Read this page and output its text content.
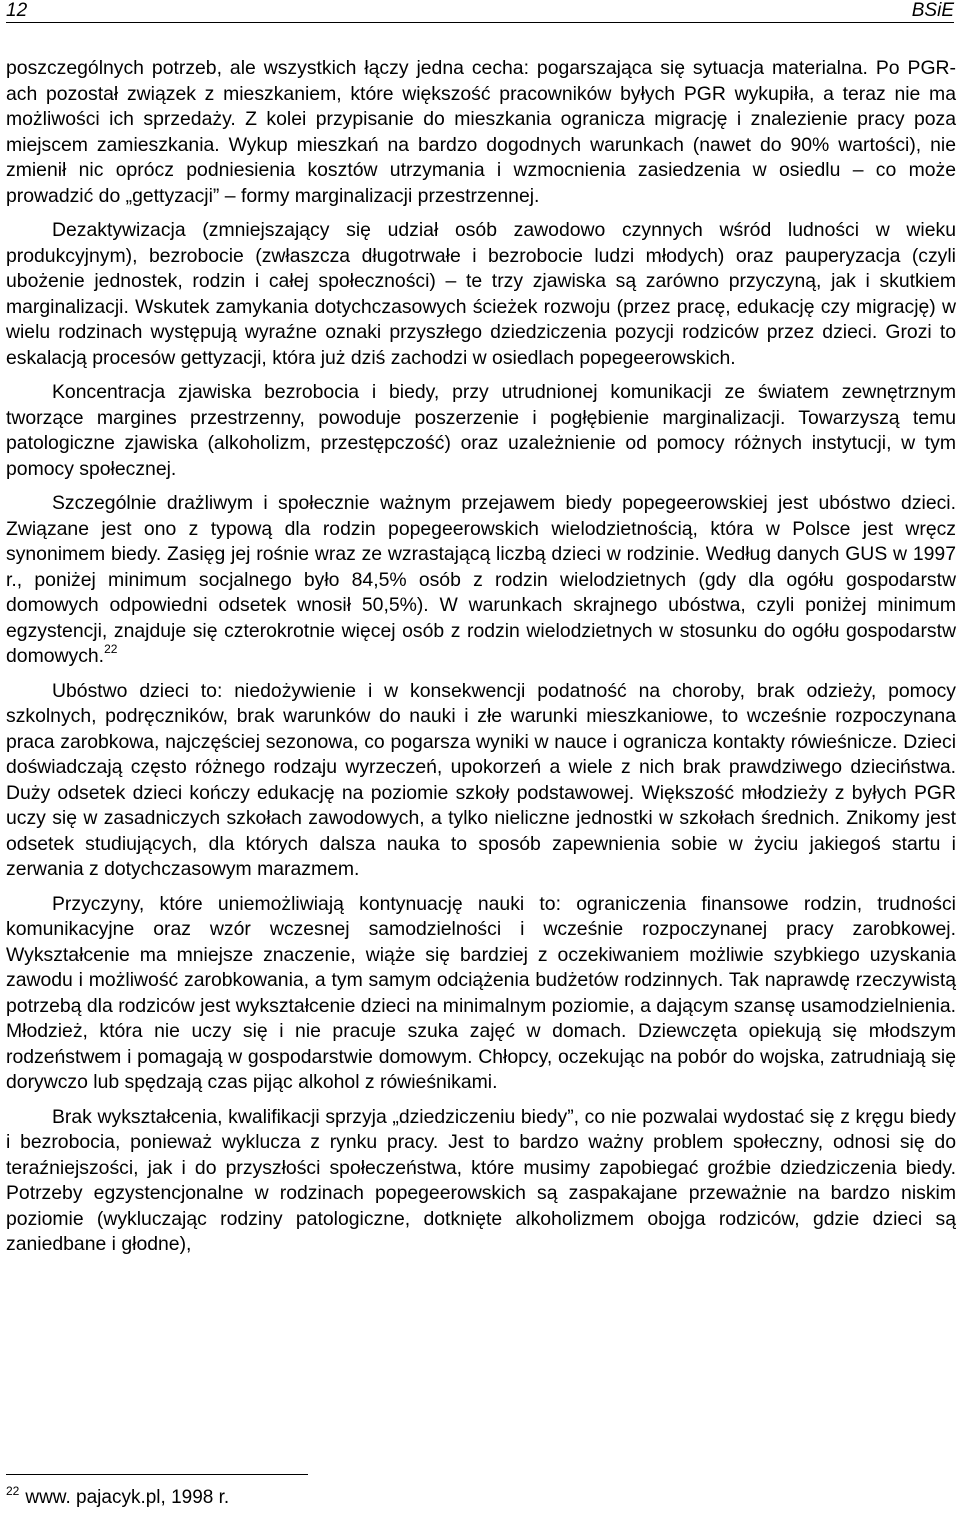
12	BSiE

poszczególnych potrzeb, ale wszystkich łączy jedna cecha: pogarszająca się sytuacja materialna. Po PGR-ach pozostał związek z mieszkaniem, które większość pracowników byłych PGR wykupiła, a teraz nie ma możliwości ich sprzedaży. Z kolei przypisanie do mieszkania ogranicza migrację i znalezienie pracy poza miejscem zamieszkania. Wykup mieszkań na bardzo dogodnych warunkach (nawet do 90% wartości), nie zmienił nic oprócz podniesienia kosztów utrzymania i wzmocnienia zasiedzenia w osiedlu – co może prowadzić do „gettyzacji” – formy marginalizacji przestrzennej.

Dezaktywizacja (zmniejszający się udział osób zawodowo czynnych wśród ludności w wieku produkcyjnym), bezrobocie (zwłaszcza długotrwałe i bezrobocie ludzi młodych) oraz pauperyzacja (czyli ubożenie jednostek, rodzin i całej społeczności) – te trzy zjawiska są zarówno przyczyną, jak i skutkiem marginalizacji. Wskutek zamykania dotychczasowych ścieżek rozwoju (przez pracę, edukację czy migrację) w wielu rodzinach występują wyraźne oznaki przyszłego dziedziczenia pozycji rodziców przez dzieci. Grozi to eskalacją procesów gettyzacji, która już dziś zachodzi w osiedlach popegeerowskich.

Koncentracja zjawiska bezrobocia i biedy, przy utrudnionej komunikacji ze światem zewnętrznym tworzące margines przestrzenny, powoduje poszerzenie i pogłębienie marginalizacji. Towarzyszą temu patologiczne zjawiska (alkoholizm, przestępczość) oraz uzależnienie od pomocy różnych instytucji, w tym pomocy społecznej.

Szczególnie drażliwym i społecznie ważnym przejawem biedy popegeerowskiej jest ubóstwo dzieci. Związane jest ono z typową dla rodzin popegeerowskich wielodzietnością, która w Polsce jest wręcz synonimem biedy. Zasięg jej rośnie wraz ze wzrastającą liczbą dzieci w rodzinie. Według danych GUS w 1997 r., poniżej minimum socjalnego było 84,5% osób z rodzin wielodzietnych (gdy dla ogółu gospodarstw domowych odpowiedni odsetek wnosił 50,5%). W warunkach skrajnego ubóstwa, czyli poniżej minimum egzystencji, znajduje się czterokrotnie więcej osób z rodzin wielodzietnych w stosunku do ogółu gospodarstw domowych.$^{22}$

Ubóstwo dzieci to: niedożywienie i w konsekwencji podatność na choroby, brak odzieży, pomocy szkolnych, podręczników, brak warunków do nauki i złe warunki mieszkaniowe, to wcześnie rozpoczynana praca zarobkowa, najczęściej sezonowa, co pogarsza wyniki w nauce i ogranicza kontakty rówieśnicze. Dzieci doświadczają często różnego rodzaju wyrzeczeń, upokorzeń a wiele z nich brak prawdziwego dzieciństwa. Duży odsetek dzieci kończy edukację na poziomie szkoły podstawowej. Większość młodzieży z byłych PGR uczy się w zasadniczych szkołach zawodowych, a tylko nieliczne jednostki w szkołach średnich. Znikomy jest odsetek studiujących, dla których dalsza nauka to sposób zapewnienia sobie w życiu jakiegoś startu i zerwania z dotychczasowym marazmem.

Przyczyny, które uniemożliwiają kontynuację nauki to: ograniczenia finansowe rodzin, trudności komunikacyjne oraz wzór wczesnej samodzielności i wcześnie rozpoczynanej pracy zarobkowej. Wykształcenie ma mniejsze znaczenie, wiąże się bardziej z oczekiwaniem możliwie szybkiego uzyskania zawodu i możliwość zarobkowania, a tym samym odciążenia budżetów rodzinnych. Tak naprawdę rzeczywistą potrzebą dla rodziców jest wykształcenie dzieci na minimalnym poziomie, a dającym szansę usamodzielnienia. Młodzież, która nie uczy się i nie pracuje szuka zajęć w domach. Dziewczęta opiekują się młodszym rodzeństwem i pomagają w gospodarstwie domowym. Chłopcy, oczekując na pobór do wojska, zatrudniają się dorywczo lub spędzają czas pijąc alkohol z rówieśnikami.

Brak wykształcenia, kwalifikacji sprzyja „dziedziczeniu biedy”, co nie pozwalai wydostać się z kręgu biedy i bezrobocia, ponieważ wyklucza z rynku pracy. Jest to bardzo ważny problem społeczny, odnosi się do teraźniejszości, jak i do przyszłości społeczeństwa, które musimy zapobiegać groźbie dziedziczenia biedy. Potrzeby egzystencjonalne w rodzinach popegeerowskich są zaspakajane przeważnie na bardzo niskim poziomie (wykluczając rodziny patologiczne, dotknięte alkoholizmem obojga rodziców, gdzie dzieci są zaniedbane i głodne),

$^{22}$ www. pajacyk.pl, 1998 r.
